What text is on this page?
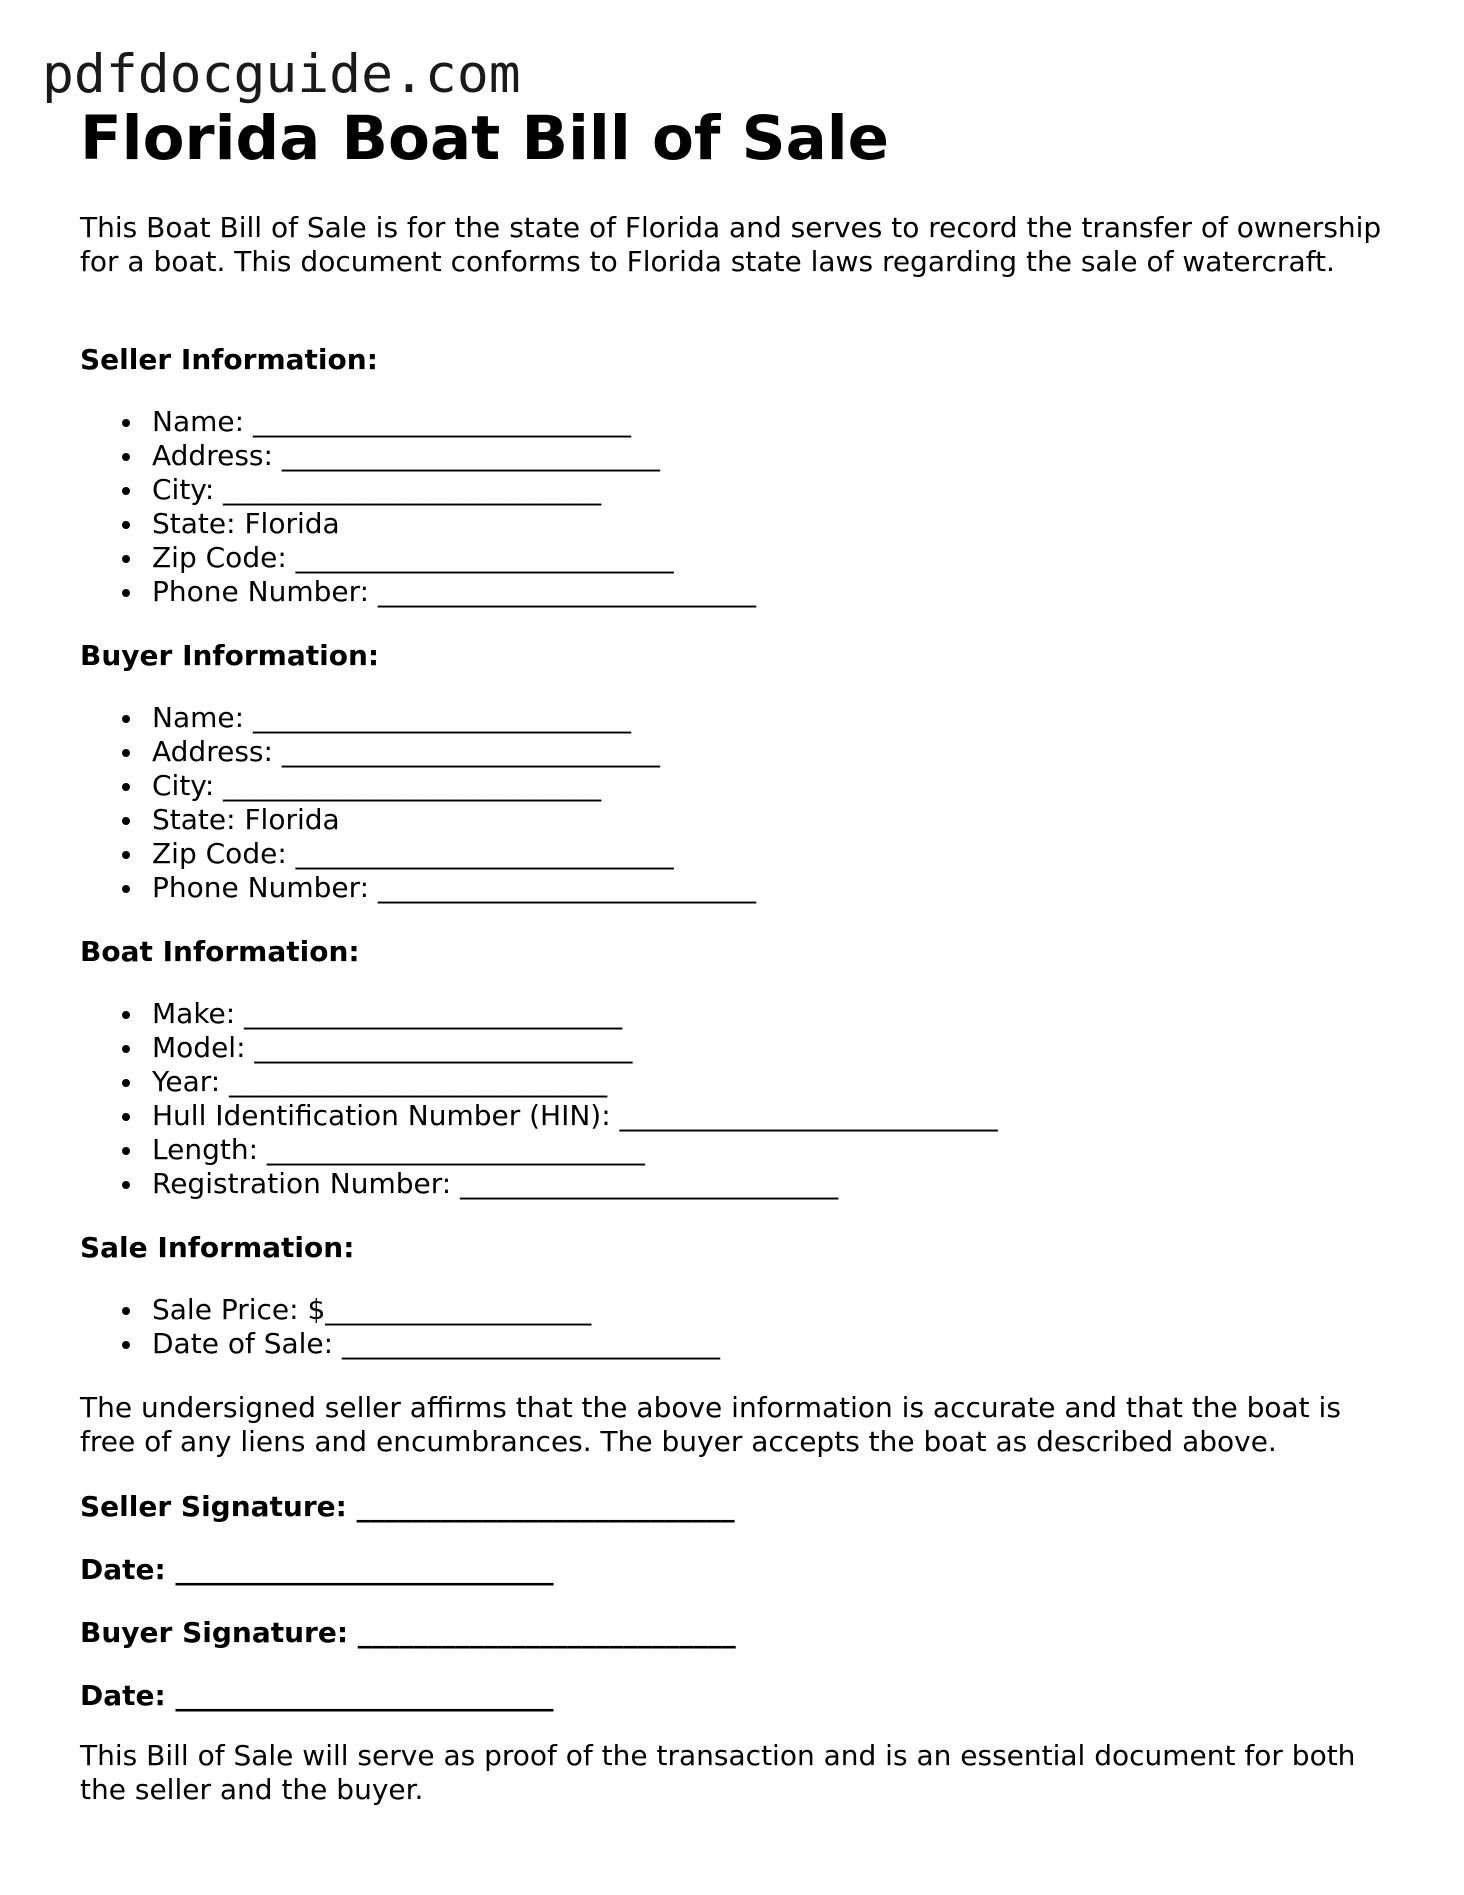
pdfdocguide.com
Florida Boat Bill of Sale

This Boat Bill of Sale is for the state of Florida and serves to record the transfer of ownership for a boat. This document conforms to Florida state laws regarding the sale of watercraft.

Seller Information:

Name: ___________________________
Address: ___________________________
City: ___________________________
State: Florida
Zip Code: ___________________________
Phone Number: ___________________________

Buyer Information:

Name: ___________________________
Address: ___________________________
City: ___________________________
State: Florida
Zip Code: ___________________________
Phone Number: ___________________________

Boat Information:

Make: ___________________________
Model: ___________________________
Year: ___________________________
Hull Identification Number (HIN): ___________________________
Length: ___________________________
Registration Number: ___________________________

Sale Information:

Sale Price: $___________________
Date of Sale: ___________________________

The undersigned seller affirms that the above information is accurate and that the boat is free of any liens and encumbrances. The buyer accepts the boat as described above.

Seller Signature: ___________________________

Date: ___________________________

Buyer Signature: ___________________________

Date: ___________________________

This Bill of Sale will serve as proof of the transaction and is an essential document for both the seller and the buyer.
